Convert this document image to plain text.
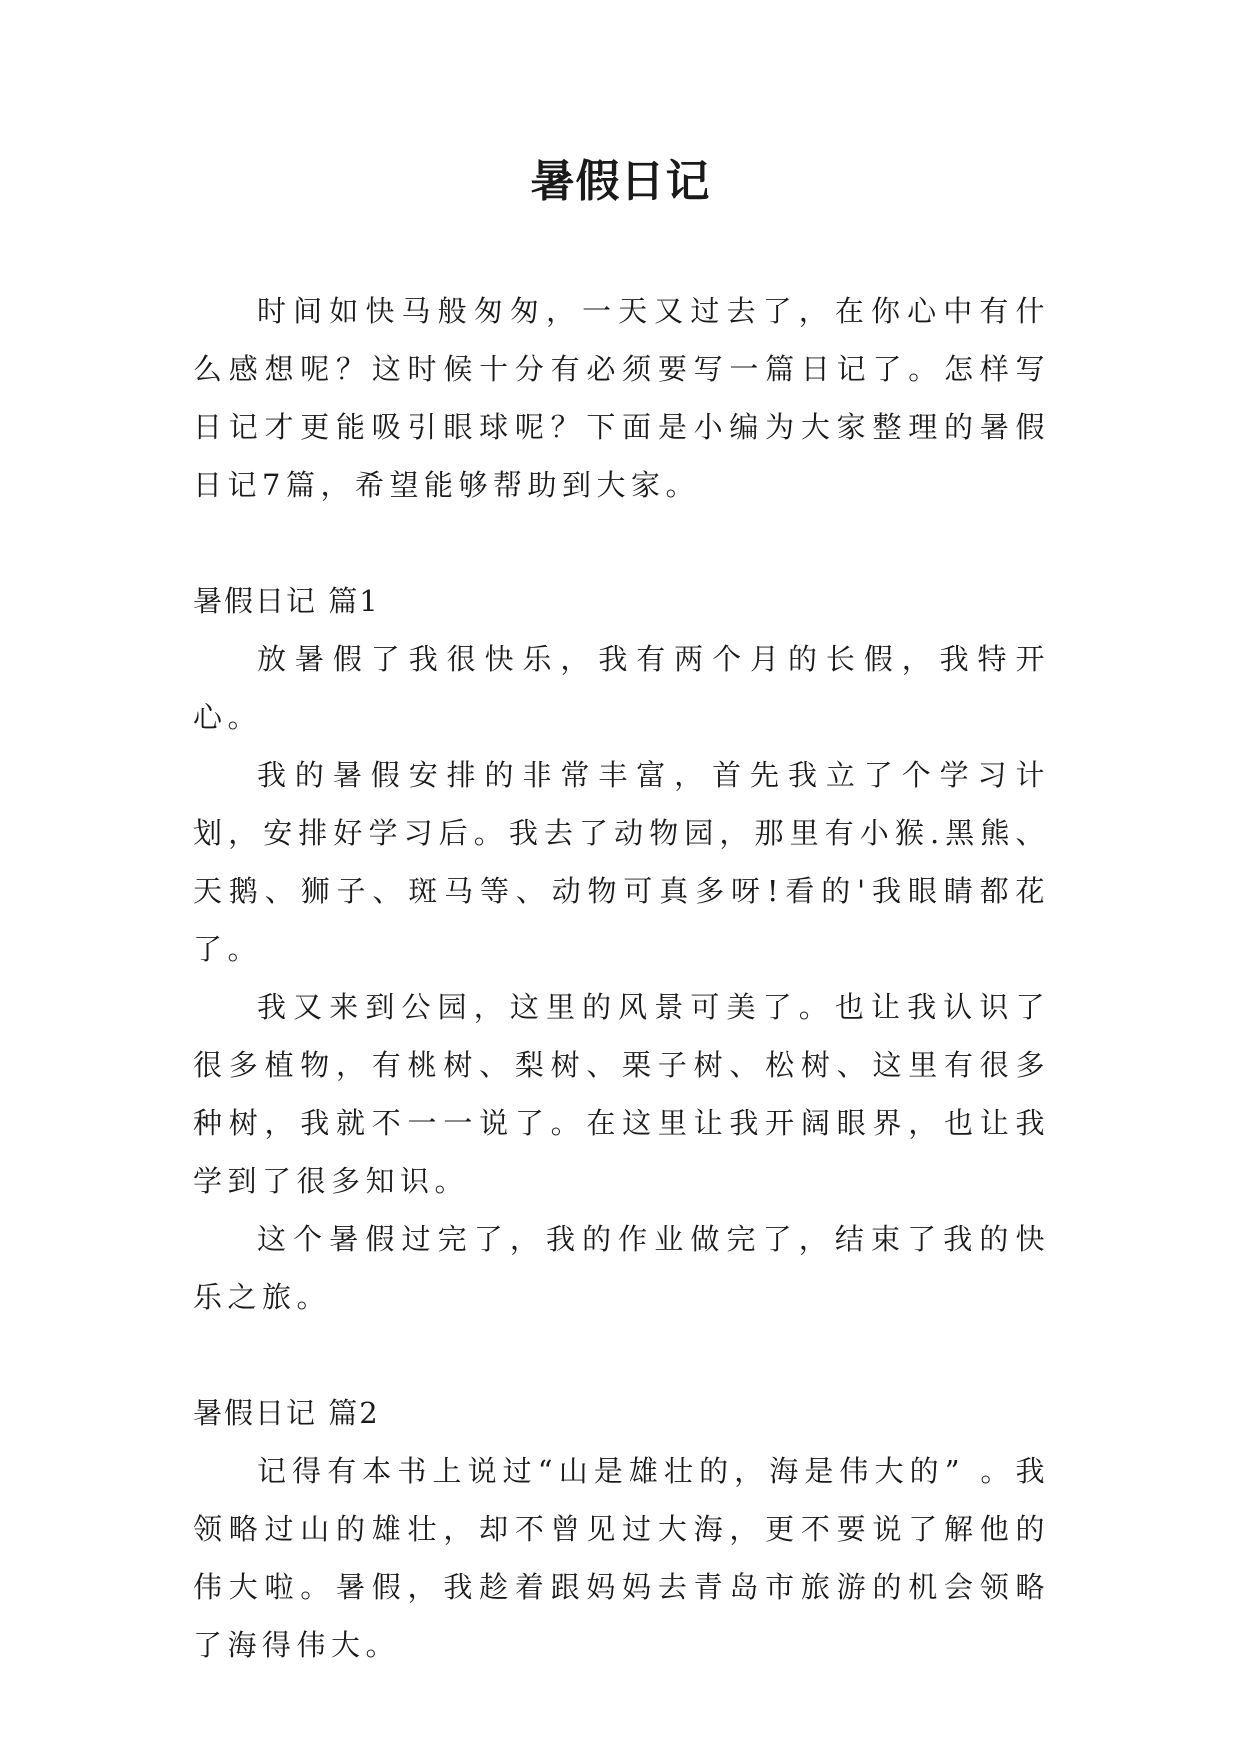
暑假日记

时间如快马般匆匆，一天又过去了，在你心中有什么感想呢？这时候十分有必须要写一篇日记了。怎样写日记才更能吸引眼球呢？下面是小编为大家整理的暑假日记7篇，希望能够帮助到大家。

暑假日记 篇1

放暑假了我很快乐，我有两个月的长假，我特开心。

我的暑假安排的非常丰富，首先我立了个学习计划，安排好学习后。我去了动物园，那里有小猴.黑熊、天鹅、狮子、斑马等、动物可真多呀!看的'我眼睛都花了。

我又来到公园，这里的风景可美了。也让我认识了很多植物，有桃树、梨树、栗子树、松树、这里有很多种树，我就不一一说了。在这里让我开阔眼界，也让我学到了很多知识。

这个暑假过完了，我的作业做完了，结束了我的快乐之旅。

暑假日记 篇2

记得有本书上说过“山是雄壮的，海是伟大的” 。我领略过山的雄壮，却不曾见过大海，更不要说了解他的伟大啦。暑假，我趁着跟妈妈去青岛市旅游的机会领略了海得伟大。
